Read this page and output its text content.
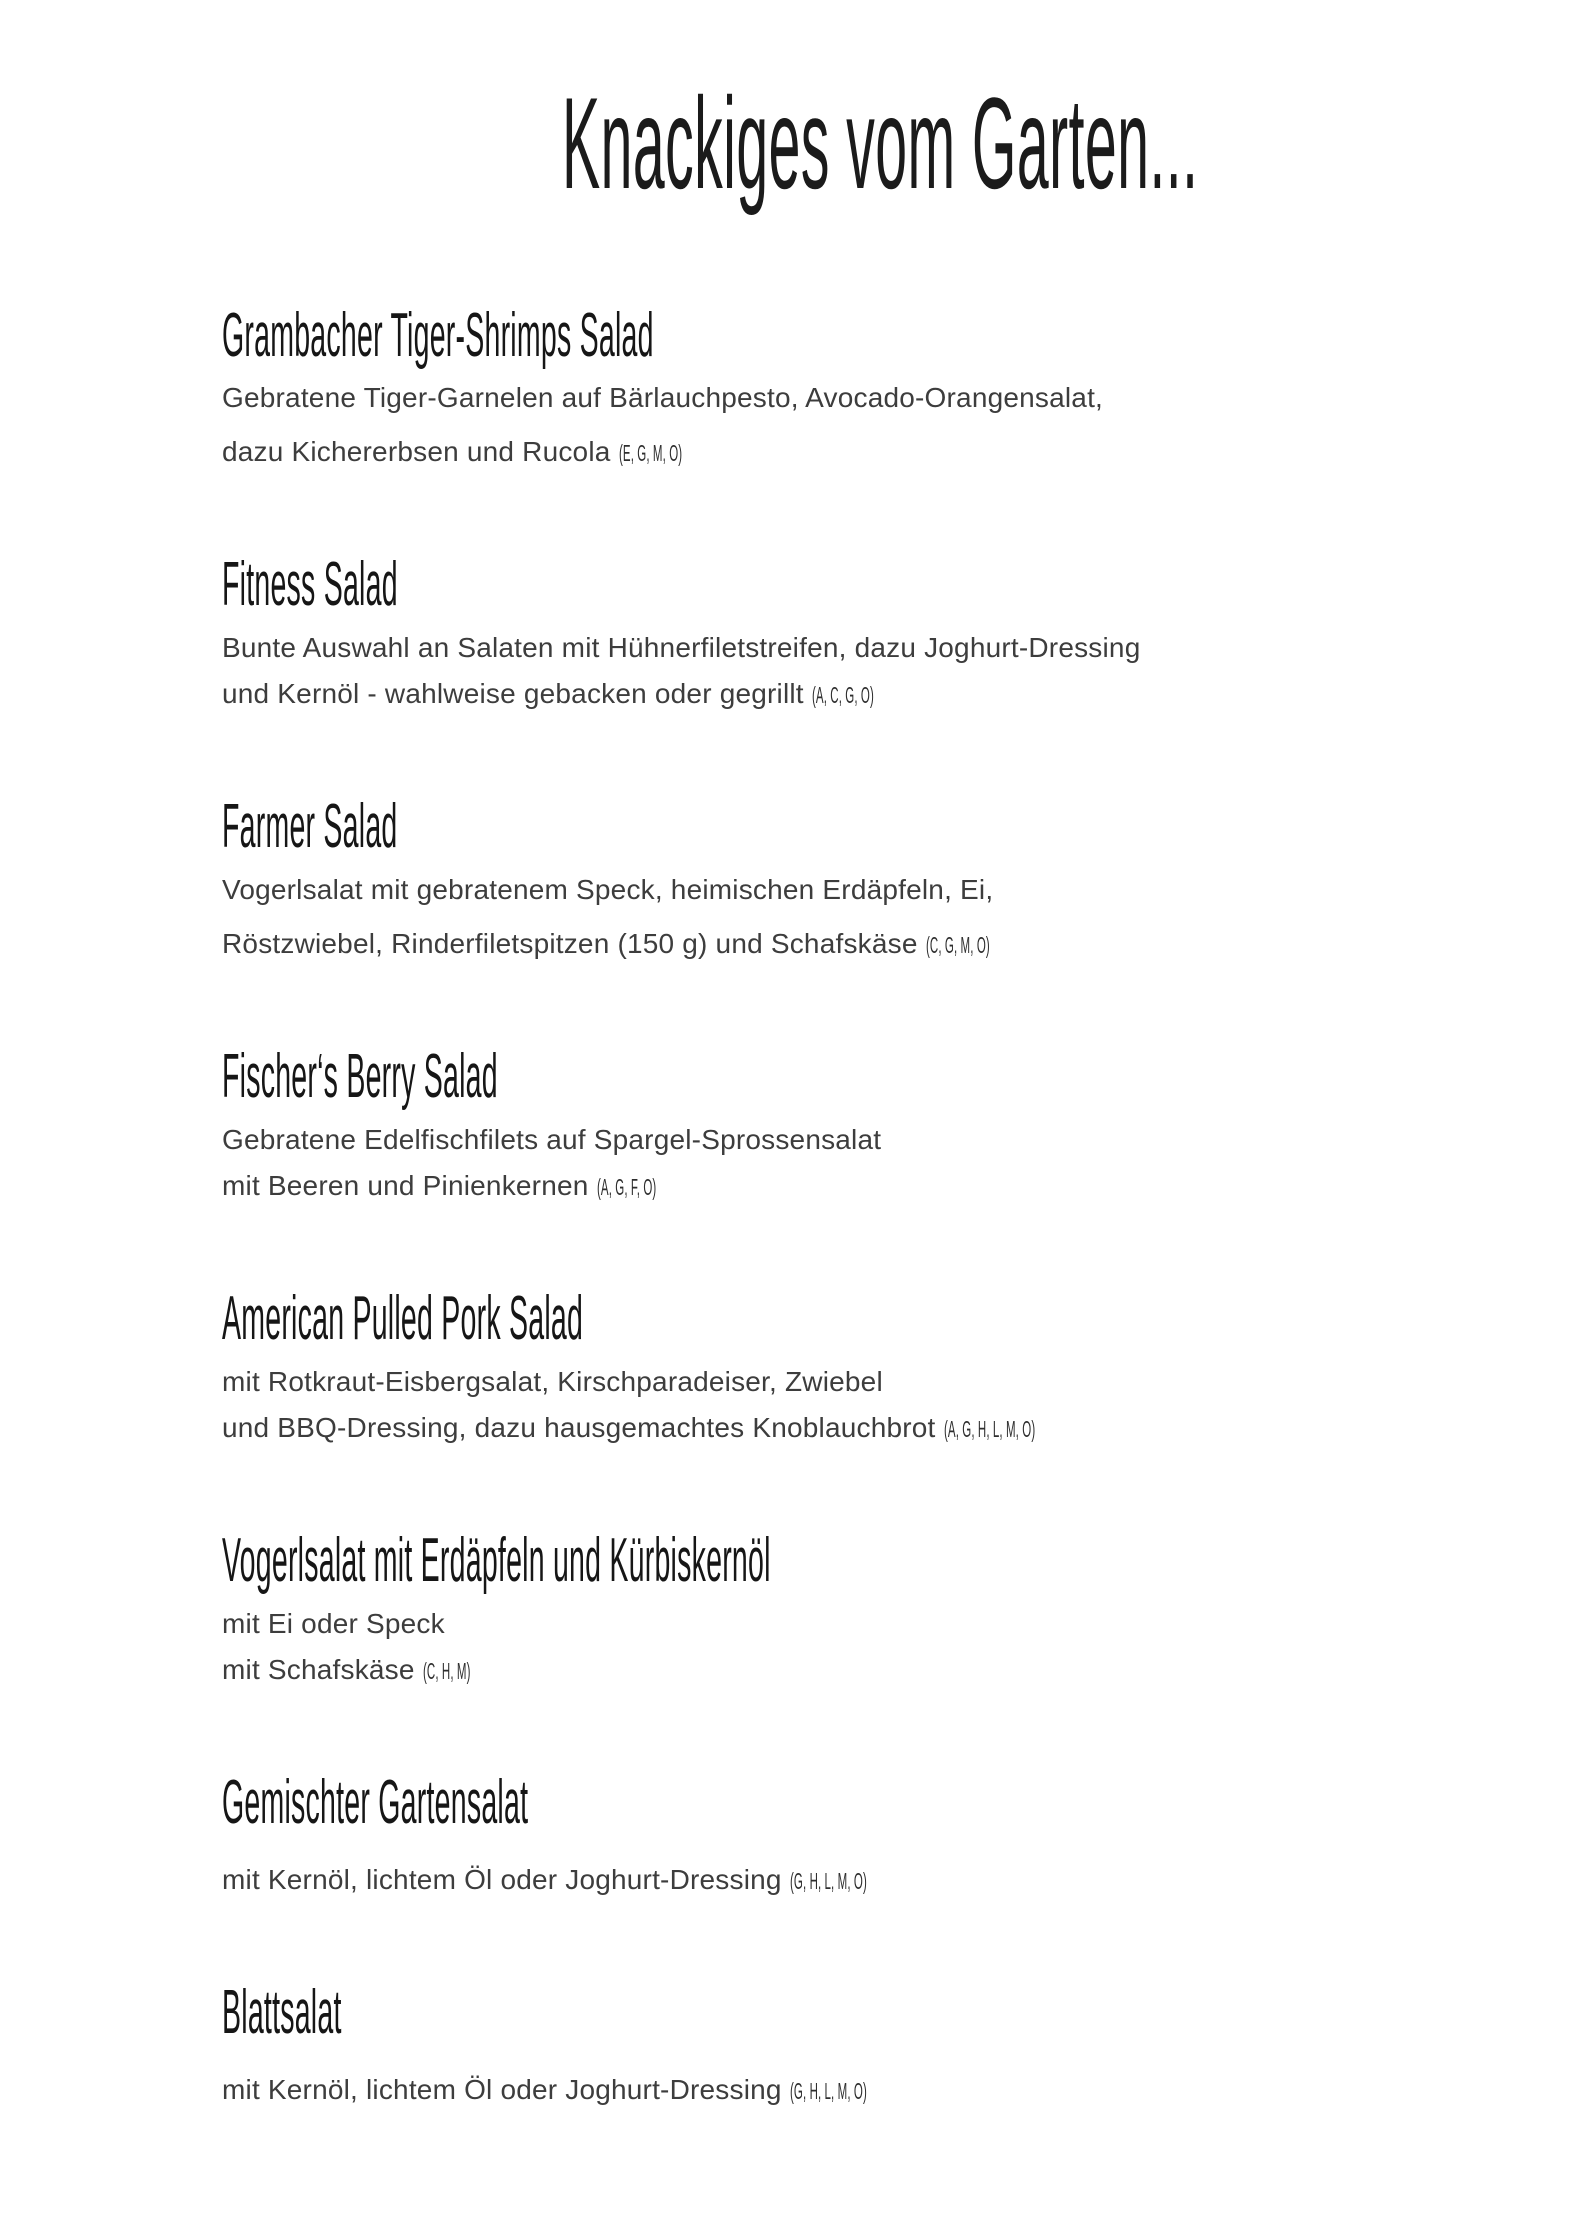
Knackiges vom Garten...
Grambacher Tiger-Shrimps Salad

Gebratene Tiger-Garnelen auf Bärlauchpesto, Avocado-Orangensalat,

dazu Kichererbsen und Rucola (E, G, M, O)

Fitness Salad

Bunte Auswahl an Salaten mit Hühnerfiletstreifen, dazu Joghurt-Dressing

und Kernöl - wahlweise gebacken oder gegrillt (A, C, G, O)

Farmer Salad

Vogerlsalat mit gebratenem Speck, heimischen Erdäpfeln, Ei,

Röstzwiebel, Rinderfiletspitzen (150 g) und Schafskäse (C, G, M, O)

Fischer‘s Berry Salad

Gebratene Edelfischfilets auf Spargel-Sprossensalat

mit Beeren und Pinienkernen (A, G, F, O)

American Pulled Pork Salad

mit Rotkraut-Eisbergsalat, Kirschparadeiser, Zwiebel

und BBQ-Dressing, dazu hausgemachtes Knoblauchbrot (A, G, H, L, M, O)

Vogerlsalat mit Erdäpfeln und Kürbiskernöl

mit Ei oder Speck

mit Schafskäse (C, H, M)

Gemischter Gartensalat

mit Kernöl, lichtem Öl oder Joghurt-Dressing (G, H, L, M, O)

Blattsalat

mit Kernöl, lichtem Öl oder Joghurt-Dressing (G, H, L, M, O)
